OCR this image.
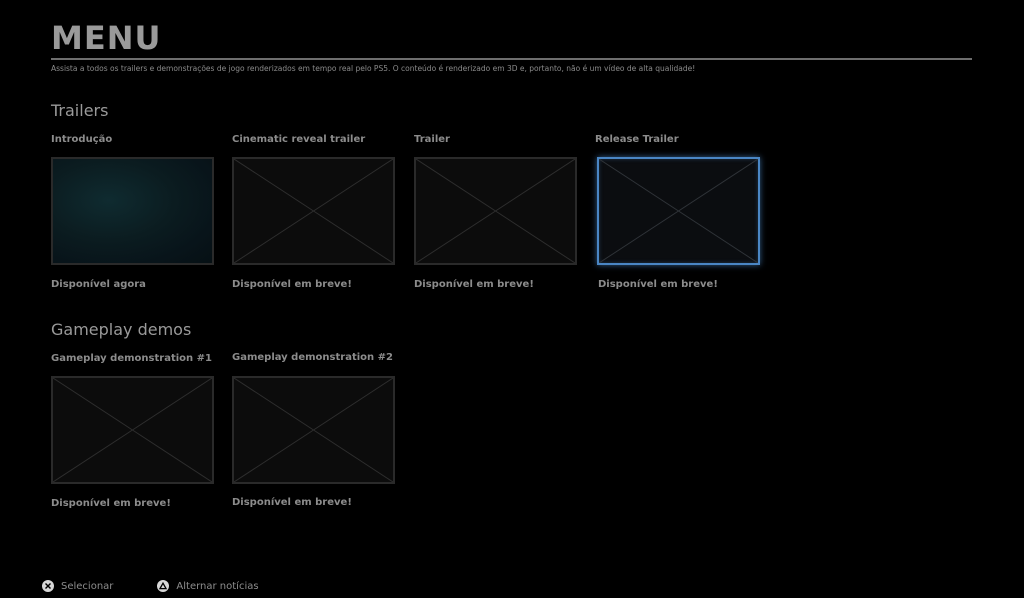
MENU
Assista a todos os trailers e demonstrações de jogo renderizados em tempo real pelo PS5. O conteúdo é renderizado em 3D e, portanto, não é um vídeo de alta qualidade!
Trailers
Introdução
Disponível agora
Cinematic reveal trailer
Disponível em breve!
Trailer
Disponível em breve!
Release Trailer
Disponível em breve!
Gameplay demos
Gameplay demonstration #1
Disponível em breve!
Gameplay demonstration #2
Disponível em breve!
Selecionar	Alternar notícias
